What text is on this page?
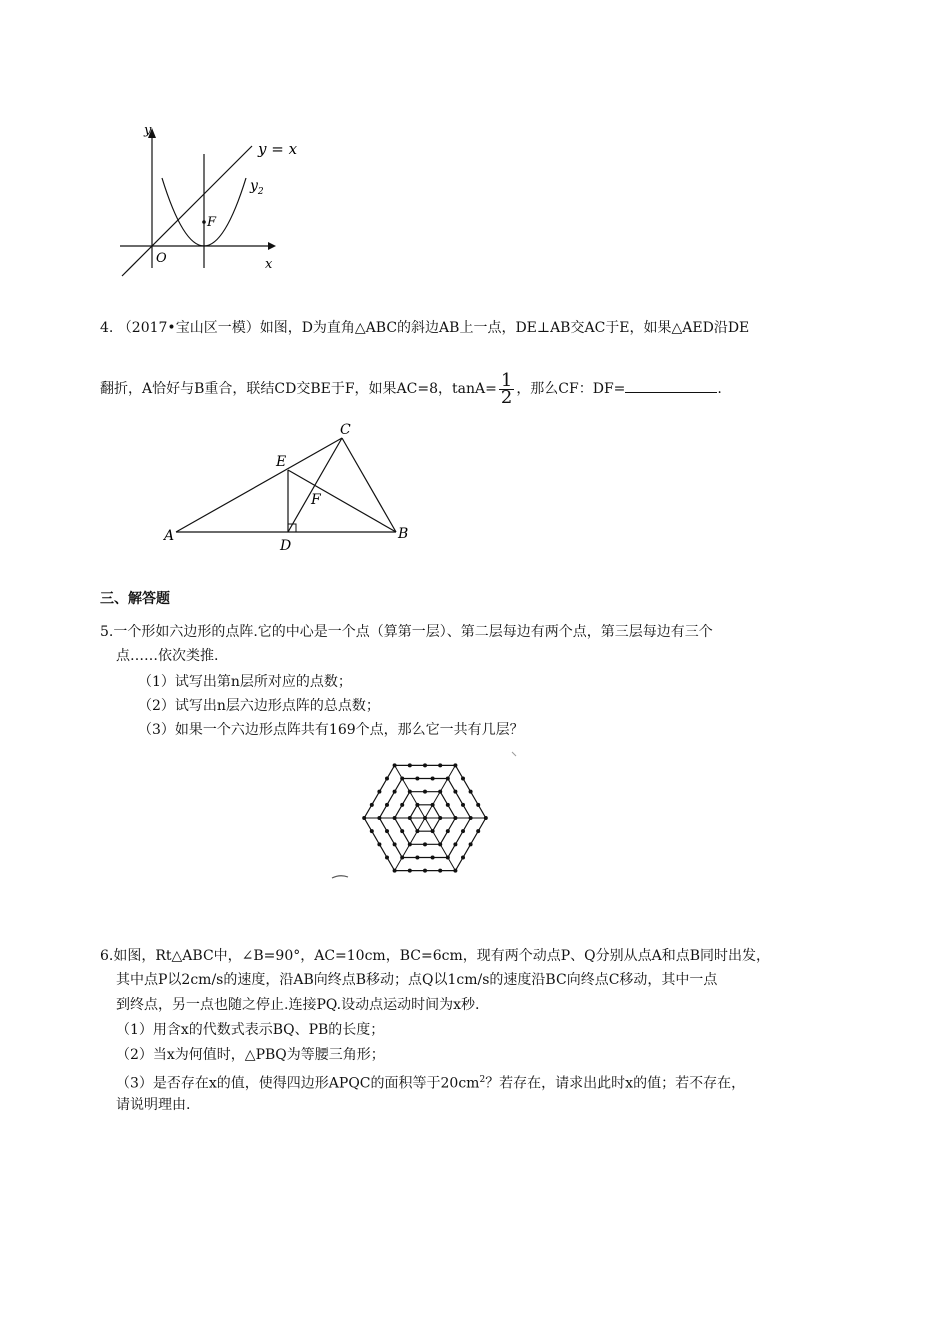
y
y = x
$y_2$
F
O	x
4. （2017•宝山区一模）如图，D为直角△ABC的斜边AB上一点，DE⊥AB交AC于E，如果△AED沿DE
翻折，A恰好与B重合，联结CD交BE于F，如果AC=8，$\tan A= \frac{1}{2}$ ，那么CF：DF=	.
C
E
F
A
D
B
三、解答题
5.一个形如六边形的点阵.它的中心是一个点（算第一层）、第二层每边有两个点，第三层每边有三个
点……依次类推.
（1）试写出第n层所对应的点数；
（2）试写出n层六边形点阵的总点数；
（3）如果一个六边形点阵共有169个点，那么它一共有几层？
6.如图，Rt△ABC中，∠B=90°，AC=10cm，BC=6cm，现有两个动点P、Q分别从点A和点B同时出发，
其中点P以2cm/s的速度，沿AB向终点B移动；点Q以1cm/s的速度沿BC向终点C移动，其中一点
到终点，另一点也随之停止.连接PQ.设动点运动时间为x秒.
（1）用含x的代数式表示BQ、PB的长度；
（2）当x为何值时，△PBQ为等腰三角形；
（3）是否存在x的值，使得四边形APQC的面积等于$20cm^2$？若存在，请求出此时x的值；若不存在，
请说明理由.
